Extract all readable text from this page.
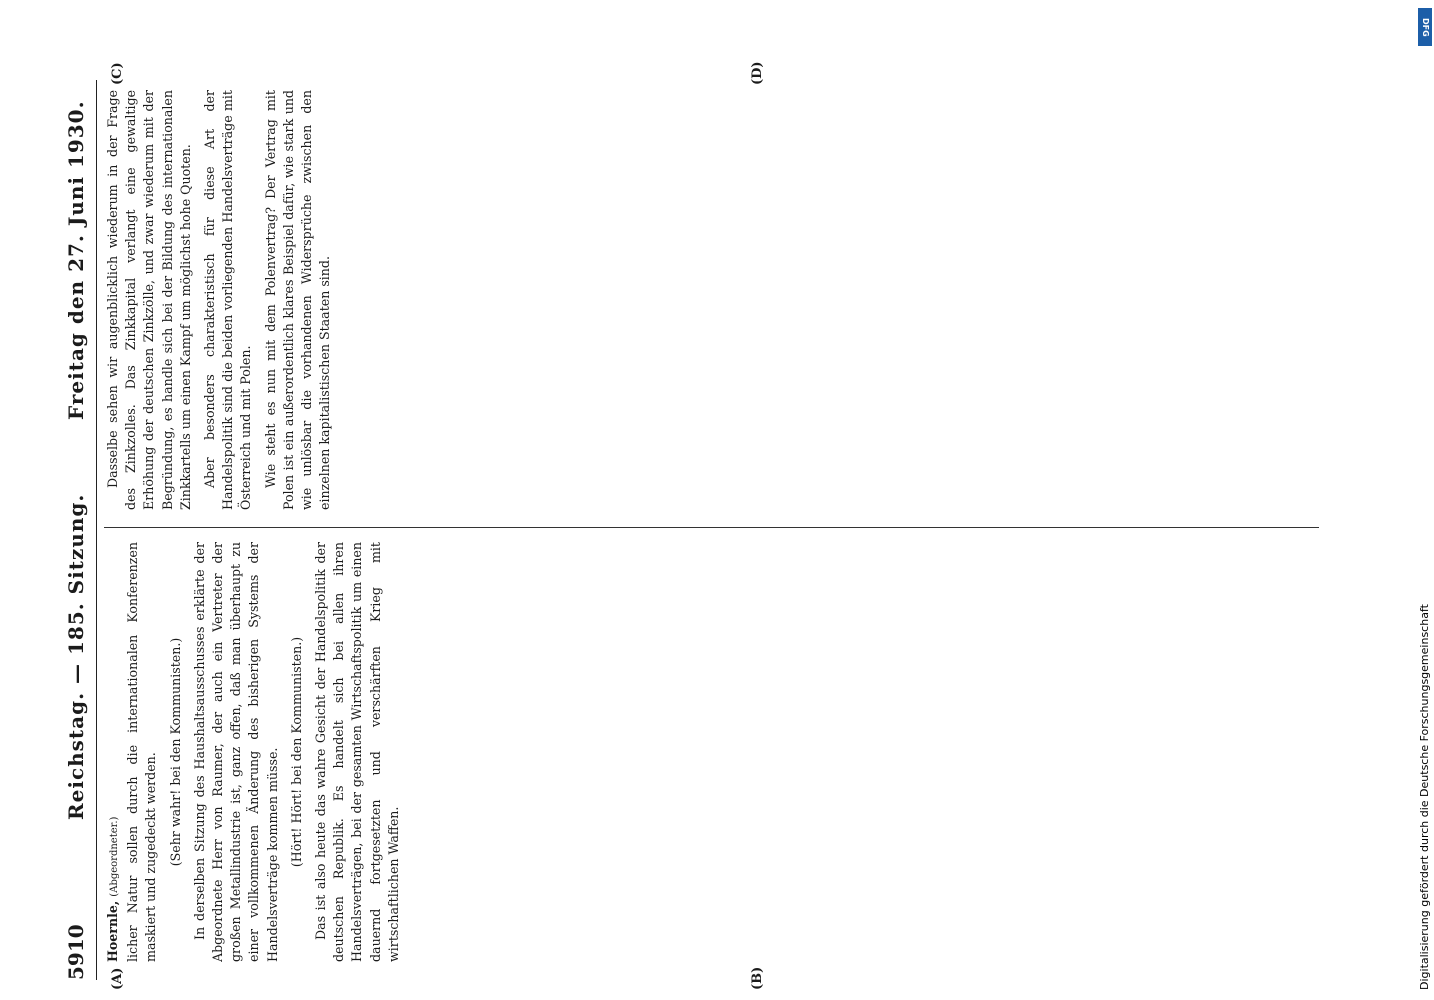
5910
Reichstag. — 185. Sitzung.
Freitag den 27. Juni 1930.

Hoernle, (Abgeordneter.) licher Natur sollen durch die internationalen Konferenzen maskiert und zugedeckt werden. (Sehr wahr! bei den Kommunisten.) In derselben Sitzung des Haushaltsausschusses erklärte der Abgeordnete Herr von Raumer, der auch ein Vertreter der großen Metallindustrie ist, ganz offen, daß man überhaupt zu einer vollkommenen Änderung des bisherigen Systems der Handelsverträge kommen müsse. (Hört! Hört! bei den Kommunisten.) Das ist also heute das wahre Gesicht der Handelspolitik der deutschen Republik. Es handelt sich bei allen ihren Handelsverträgen, bei der gesamten Wirtschaftspolitik um einen dauernd fortgesetzten und verschärften Krieg mit wirtschaftlichen Waffen.

Dasselbe sehen wir augenblicklich wiederum in der Frage des Zinkzolles. Das Zinkkapital verlangt eine gewaltige Erhöhung der deutschen Zinkzölle, und zwar wiederum mit der Begründung, es handle sich bei der Bildung des internationalen Zinkkartells um einen Kampf um möglichst hohe Quoten. Aber besonders charakteristisch für diese Art der Handelspolitik sind die beiden vorliegenden Handelsverträge mit Österreich und mit Polen. Wie steht es nun mit dem Polenvertrag? Der Vertrag mit Polen ist ein außerordentlich klares Beispiel dafür, wie stark und wie unlösbar die vorhandenen Widersprüche zwischen den einzelnen kapitalistischen Staaten sind.

(A)	(B)
(C)	(D)
DFG
Digitalisierung gefördert durch die Deutsche Forschungsgemeinschaft
